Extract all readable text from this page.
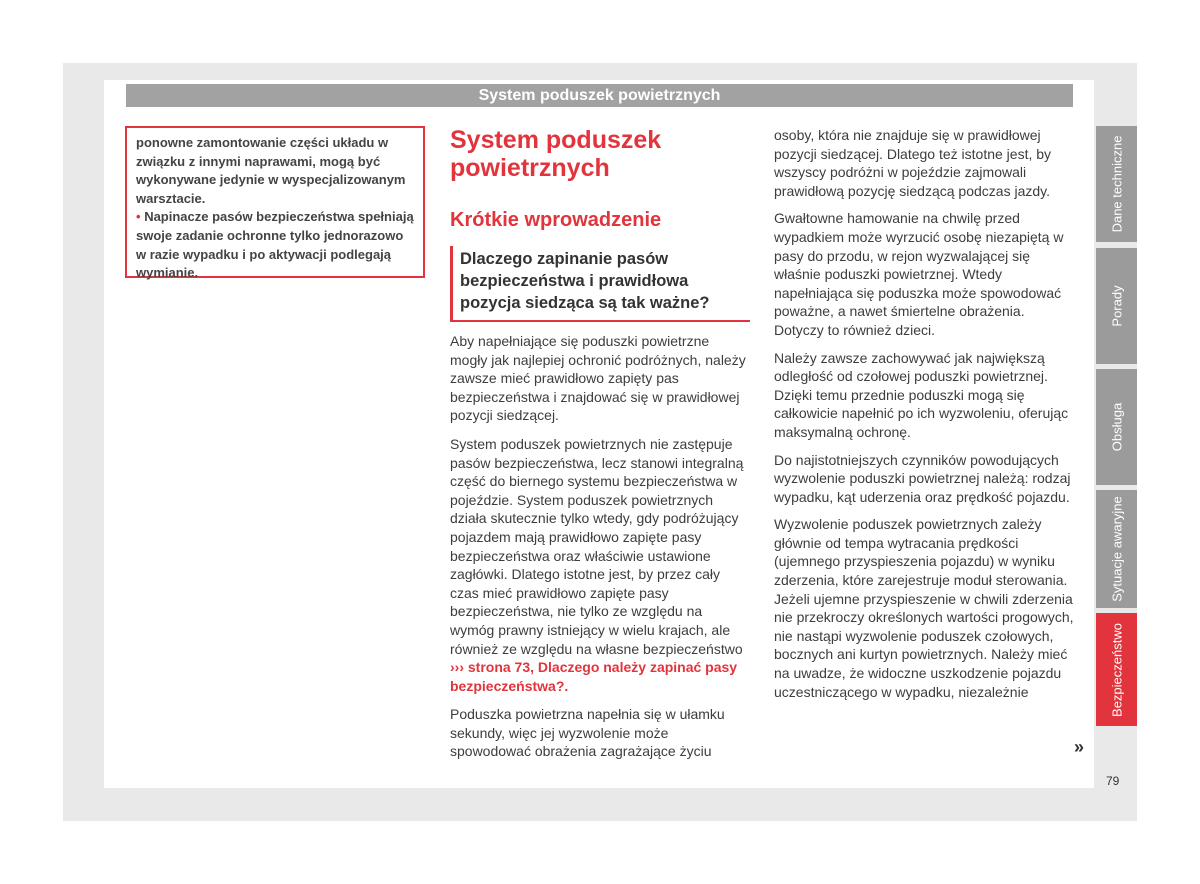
System poduszek powietrznych

ponowne zamontowanie części układu w związku z innymi naprawami, mogą być wykonywane jedynie w wyspecjalizowanym warsztacie.

• Napinacze pasów bezpieczeństwa spełniają swoje zadanie ochronne tylko jednorazowo w razie wypadku i po aktywacji podlegają wymianie.

System poduszek powietrznych
Krótkie wprowadzenie
Dlaczego zapinanie pasów bezpieczeństwa i prawidłowa pozycja siedząca są tak ważne?

Aby napełniające się poduszki powietrzne mogły jak najlepiej ochronić podróżnych, należy zawsze mieć prawidłowo zapięty pas bezpieczeństwa i znajdować się w prawidłowej pozycji siedzącej.

System poduszek powietrznych nie zastępuje pasów bezpieczeństwa, lecz stanowi integralną część do biernego systemu bezpieczeństwa w pojeździe. System poduszek powietrznych działa skutecznie tylko wtedy, gdy podróżujący pojazdem mają prawidłowo zapięte pasy bezpieczeństwa oraz właściwie ustawione zagłówki. Dlatego istotne jest, by przez cały czas mieć prawidłowo zapięte pasy bezpieczeństwa, nie tylko ze względu na wymóg prawny istniejący w wielu krajach, ale również ze względu na własne bezpieczeństwo ››› strona 73, Dlaczego należy zapinać pasy bezpieczeństwa?.

Poduszka powietrzna napełnia się w ułamku sekundy, więc jej wyzwolenie może spowodować obrażenia zagrażające życiu

osoby, która nie znajduje się w prawidłowej pozycji siedzącej. Dlatego też istotne jest, by wszyscy podróżni w pojeździe zajmowali prawidłową pozycję siedzącą podczas jazdy.

Gwałtowne hamowanie na chwilę przed wypadkiem może wyrzucić osobę niezapiętą w pasy do przodu, w rejon wyzwalającej się właśnie poduszki powietrznej. Wtedy napełniająca się poduszka może spowodować poważne, a nawet śmiertelne obrażenia. Dotyczy to również dzieci.

Należy zawsze zachowywać jak największą odległość od czołowej poduszki powietrznej. Dzięki temu przednie poduszki mogą się całkowicie napełnić po ich wyzwoleniu, oferując maksymalną ochronę.

Do najistotniejszych czynników powodujących wyzwolenie poduszki powietrznej należą: rodzaj wypadku, kąt uderzenia oraz prędkość pojazdu.

Wyzwolenie poduszek powietrznych zależy głównie od tempa wytracania prędkości (ujemnego przyspieszenia pojazdu) w wyniku zderzenia, które zarejestruje moduł sterowania. Jeżeli ujemne przyspieszenie w chwili zderzenia nie przekroczy określonych wartości progowych, nie nastąpi wyzwolenie poduszek czołowych, bocznych ani kurtyn powietrznych. Należy mieć na uwadze, że widoczne uszkodzenie pojazdu uczestniczącego w wypadku, niezależnie

»
Dane techniczne
Porady
Obsługa
Sytuacje awaryjne
Bezpieczeństwo
79
